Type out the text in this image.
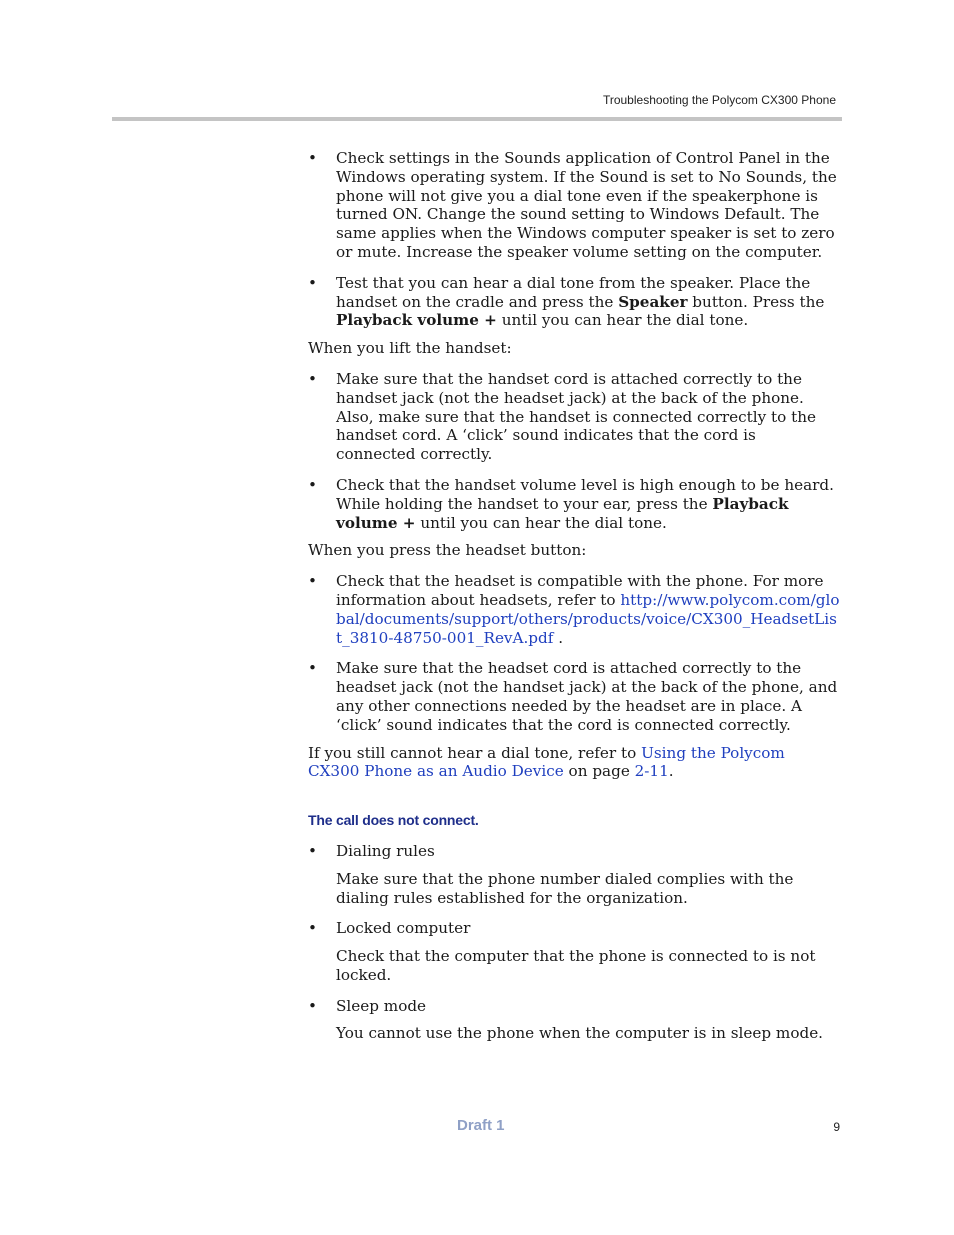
Troubleshooting the Polycom CX300 Phone

• Check settings in the Sounds application of Control Panel in the Windows operating system. If the Sound is set to No Sounds, the phone will not give you a dial tone even if the speakerphone is turned ON. Change the sound setting to Windows Default. The same applies when the Windows computer speaker is set to zero or mute. Increase the speaker volume setting on the computer.

• Test that you can hear a dial tone from the speaker. Place the handset on the cradle and press the Speaker button. Press the Playback volume + until you can hear the dial tone.

When you lift the handset:

• Make sure that the handset cord is attached correctly to the handset jack (not the headset jack) at the back of the phone. Also, make sure that the handset is connected correctly to the handset cord. A ‘click’ sound indicates that the cord is connected correctly.

• Check that the handset volume level is high enough to be heard. While holding the handset to your ear, press the Playback volume + until you can hear the dial tone.

When you press the headset button:

• Check that the headset is compatible with the phone. For more information about headsets, refer to http://www.polycom.com/global/documents/support/others/products/voice/CX300_HeadsetList_3810-48750-001_RevA.pdf .

• Make sure that the headset cord is attached correctly to the headset jack (not the handset jack) at the back of the phone, and any other connections needed by the headset are in place. A ‘click’ sound indicates that the cord is connected correctly.

If you still cannot hear a dial tone, refer to Using the Polycom CX300 Phone as an Audio Device on page 2-11.

The call does not connect.

• Dialing rules

Make sure that the phone number dialed complies with the dialing rules established for the organization.

• Locked computer

Check that the computer that the phone is connected to is not locked.

• Sleep mode

You cannot use the phone when the computer is in sleep mode.

Draft 1	9
